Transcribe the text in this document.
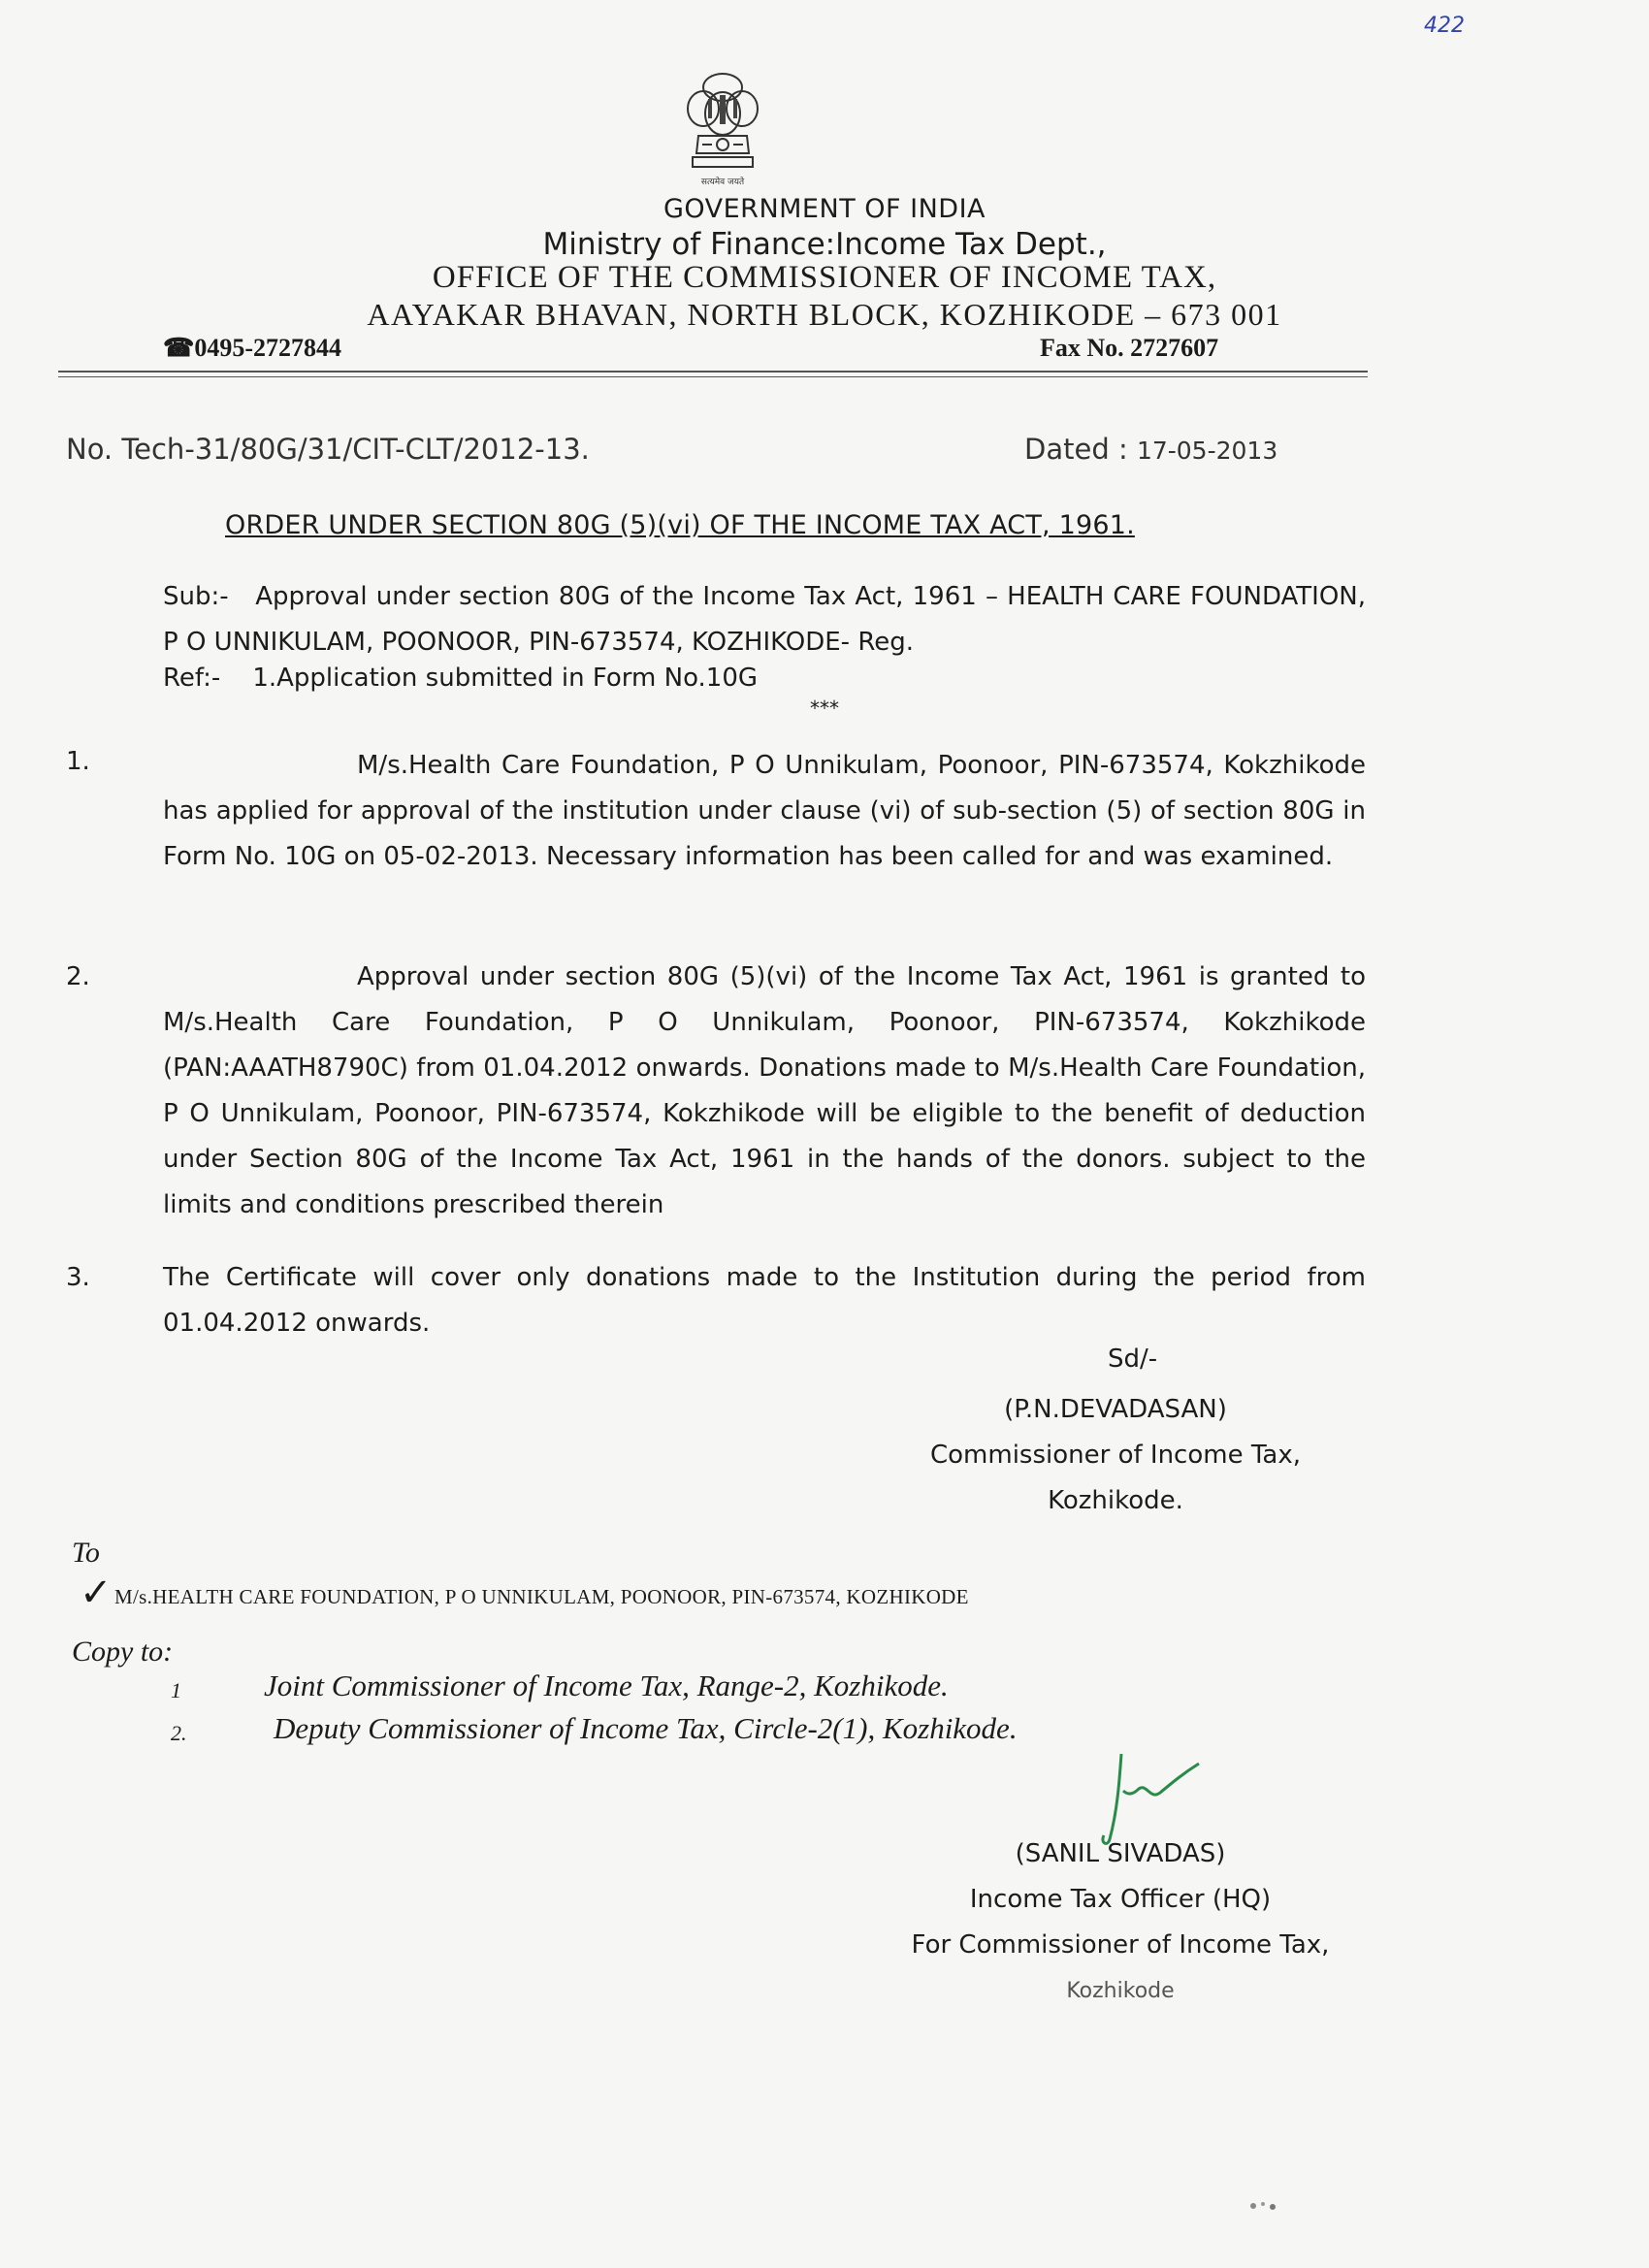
422
सत्यमेव जयते
GOVERNMENT OF INDIA
Ministry of Finance:Income Tax Dept.,
OFFICE OF THE COMMISSIONER OF INCOME TAX,
AAYAKAR BHAVAN, NORTH BLOCK, KOZHIKODE – 673 001
☎0495-2727844	Fax No. 2727607
No. Tech-31/80G/31/CIT-CLT/2012-13.	Dated : 17-05-2013
ORDER UNDER SECTION 80G (5)(vi) OF THE INCOME TAX ACT, 1961.
Sub:- Approval under section 80G of the Income Tax Act, 1961 – HEALTH CARE FOUNDATION, P O UNNIKULAM, POONOOR, PIN-673574, KOZHIKODE- Reg.
Ref:- 1.Application submitted in Form No.10G
***
1.	M/s.Health Care Foundation, P O Unnikulam, Poonoor, PIN-673574, Kokzhikode has applied for approval of the institution under clause (vi) of sub-section (5) of section 80G in Form No. 10G on 05-02-2013. Necessary information has been called for and was examined.
2.	Approval under section 80G (5)(vi) of the Income Tax Act, 1961 is granted to M/s.Health Care Foundation, P O Unnikulam, Poonoor, PIN-673574, Kokzhikode (PAN:AAATH8790C) from 01.04.2012 onwards. Donations made to M/s.Health Care Foundation, P O Unnikulam, Poonoor, PIN-673574, Kokzhikode will be eligible to the benefit of deduction under Section 80G of the Income Tax Act, 1961 in the hands of the donors. subject to the limits and conditions prescribed therein
3.	The Certificate will cover only donations made to the Institution during the period from 01.04.2012 onwards.
Sd/-
(P.N.DEVADASAN)
Commissioner of Income Tax,
Kozhikode.
To
✓ M/s.HEALTH CARE FOUNDATION, P O UNNIKULAM, POONOOR, PIN-673574, KOZHIKODE
Copy to:
1	Joint Commissioner of Income Tax, Range-2, Kozhikode.
2.	Deputy Commissioner of Income Tax, Circle-2(1), Kozhikode.
(SANIL SIVADAS)
Income Tax Officer (HQ)
For Commissioner of Income Tax,
Kozhikode
